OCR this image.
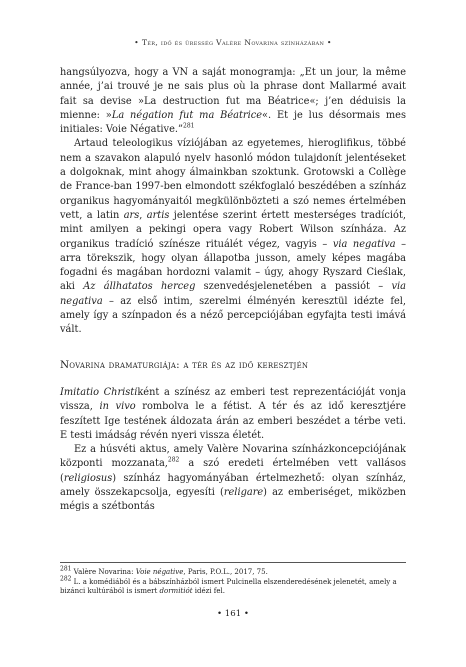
• Tér, idő és üresség Valère Novarina színházában •

hangsúlyozva, hogy a VN a saját monogramja: „Et un jour, la même année, j’ai trouvé je ne sais plus où la phrase dont Mallarmé avait fait sa devise »La destruction fut ma Béatrice«; j’en déduisis la mienne: »La négation fut ma Béatrice«. Et je lus désormais mes initiales: Voie Négative.”$^{281}$

Artaud teleologikus víziójában az egyetemes, hieroglifikus, többé nem a szavakon alapuló nyelv hasonló módon tulajdonít jelentéseket a dolgoknak, mint ahogy álmainkban szoktunk. Grotowski a Collège de France-ban 1997-ben elmondott székfoglaló beszédében a színház organikus hagyományaitól megkülönbözteti a szó nemes értelmében vett, a latin ars, artis jelentése szerint értett mesterséges tradíciót, mint amilyen a pekingi opera vagy Robert Wilson színháza. Az organikus tradíció színésze rituálét végez, vagyis – via negativa – arra törekszik, hogy olyan állapotba jusson, amely képes magába fogadni és magában hordozni valamit – úgy, ahogy Ryszard Cieślak, aki Az állhatatos herceg szenvedésjelenetében a passiót – via negativa – az első intim, szerelmi élményén keresztül idézte fel, amely így a színpadon és a néző percepciójában egyfajta testi imává vált.

Novarina dramaturgiája: a tér és az idő keresztjén

Imitatio Christiként a színész az emberi test reprezentációját vonja vissza, in vivo rombolva le a fétist. A tér és az idő keresztjére feszített Ige testének áldozata árán az emberi beszédet a térbe veti. E testi imádság révén nyeri vissza életét.

Ez a húsvéti aktus, amely Valère Novarina színházkoncepciójának központi mozzanata,$^{282}$ a szó eredeti értelmében vett vallásos (religiosus) színház hagyományában értelmezhető: olyan színház, amely összekapcsolja, egyesíti (religare) az emberiséget, miközben mégis a szétbontás

$^{281}$ Valère Novarina: Voie négative, Paris, P.O.L., 2017, 75.

$^{282}$ L. a komédiából és a bábszínházból ismert Pulcinella elszenderedésének jelenetét, amely a bizánci kultúrából is ismert dormitiót idézi fel.

• 161 •
